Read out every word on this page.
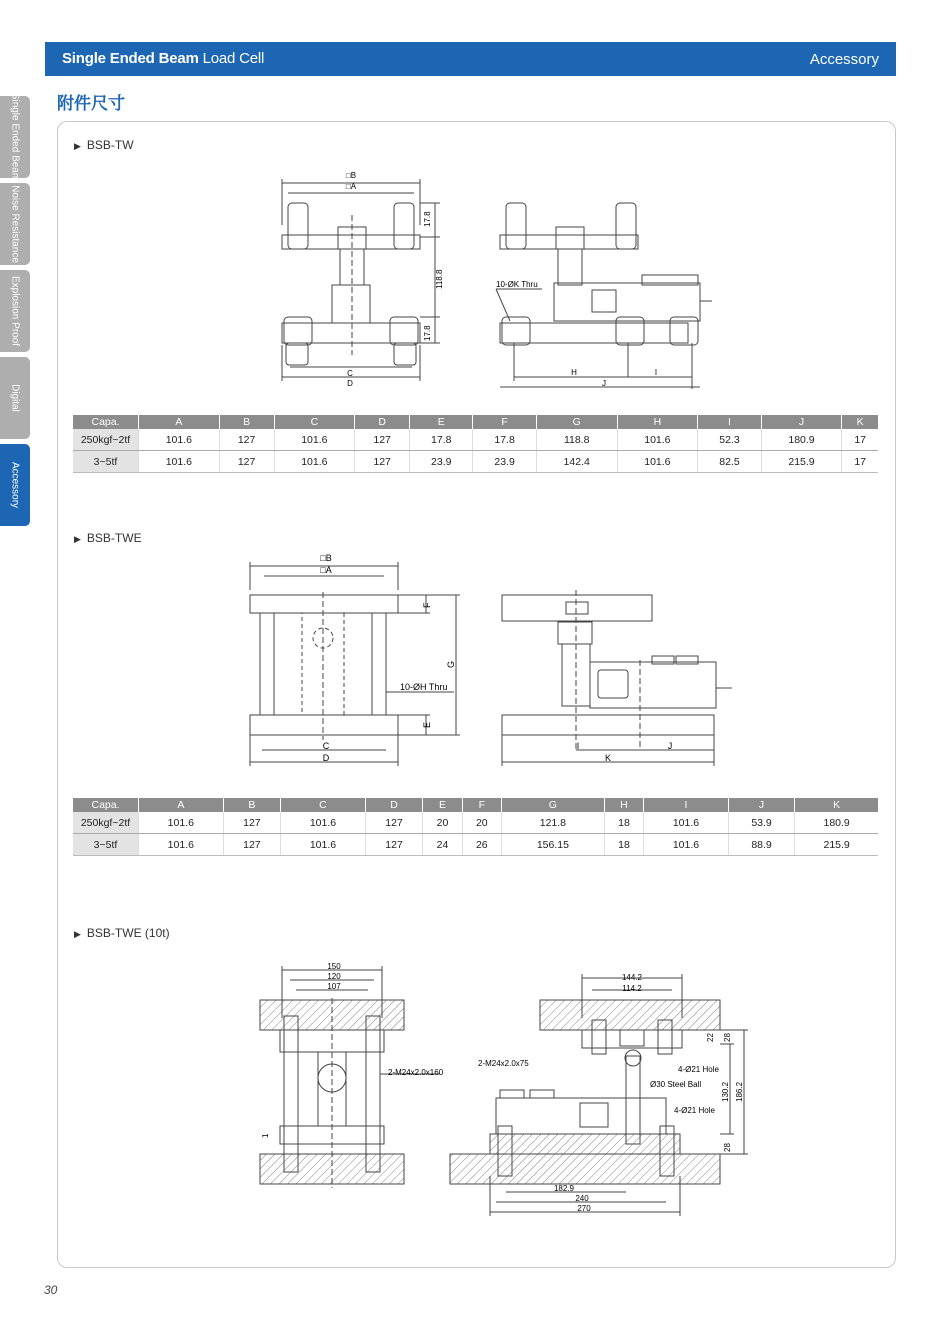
Single Ended Beam Load Cell	Accessory
附件尺寸
Single Ended Beam
Noise Resistance
Explosion Proof
Digital
Accessory
▶ BSB-TW
□B
□A
17.8
118.8
17.8
C
D
10-ØK Thru
H	I
J
Capa.	A	B	C	D	E	F	G	H	I	J	K
250kgf~2tf	101.6	127	101.6	127	17.8	17.8	118.8	101.6	52.3	180.9	17
3~5tf	101.6	127	101.6	127	23.9	23.9	142.4	101.6	82.5	215.9	17
▶ BSB-TWE
□B
□A
F
G
E
C
D
10-ØH Thru
I	J
K
Capa.	A	B	C	D	E	F	G	H	I	J	K
250kgf~2tf	101.6	127	101.6	127	20	20	121.8	18	101.6	53.9	180.9
3~5tf	101.6	127	101.6	127	24	26	156.15	18	101.6	88.9	215.9
▶ BSB-TWE (10t)
150
120
107
2-M24x2.0x160
1
144.2
114.2
2-M24x2.0x75
4-Ø21 Hole
Ø30 Steel Ball
4-Ø21 Hole
22 28
130.2 186.2
28
182.9
240
270
30
